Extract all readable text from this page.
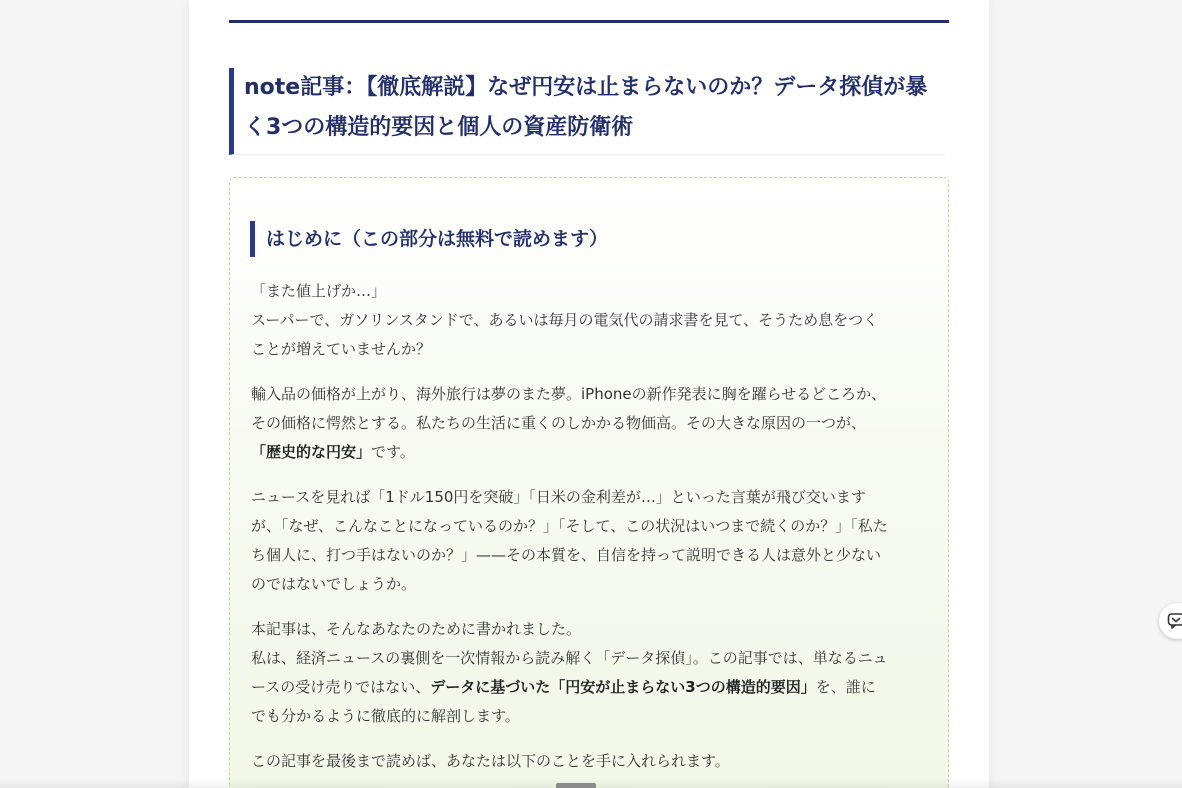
note記事：【徹底解説】なぜ円安は止まらないのか？データ探偵が暴く3つの構造的要因と個人の資産防衛術
はじめに（この部分は無料で読めます）

「また値上げか…」
スーパーで、ガソリンスタンドで、あるいは毎月の電気代の請求書を見て、そうため息をつく
ことが増えていませんか？

輸入品の価格が上がり、海外旅行は夢のまた夢。iPhoneの新作発表に胸を躍らせるどころか、
その価格に愕然とする。私たちの生活に重くのしかかる物価高。その大きな原因の一つが、
「歴史的な円安」です。

ニュースを見れば「1ドル150円を突破」「日米の金利差が…」といった言葉が飛び交います
が、「なぜ、こんなことになっているのか？」「そして、この状況はいつまで続くのか？」「私た
ち個人に、打つ手はないのか？」——その本質を、自信を持って説明できる人は意外と少ない
のではないでしょうか。

本記事は、そんなあなたのために書かれました。
私は、経済ニュースの裏側を一次情報から読み解く「データ探偵」。この記事では、単なるニュ
ースの受け売りではない、データに基づいた「円安が止まらない3つの構造的要因」を、誰に
でも分かるように徹底的に解剖します。

この記事を最後まで読めば、あなたは以下のことを手に入れられます。
